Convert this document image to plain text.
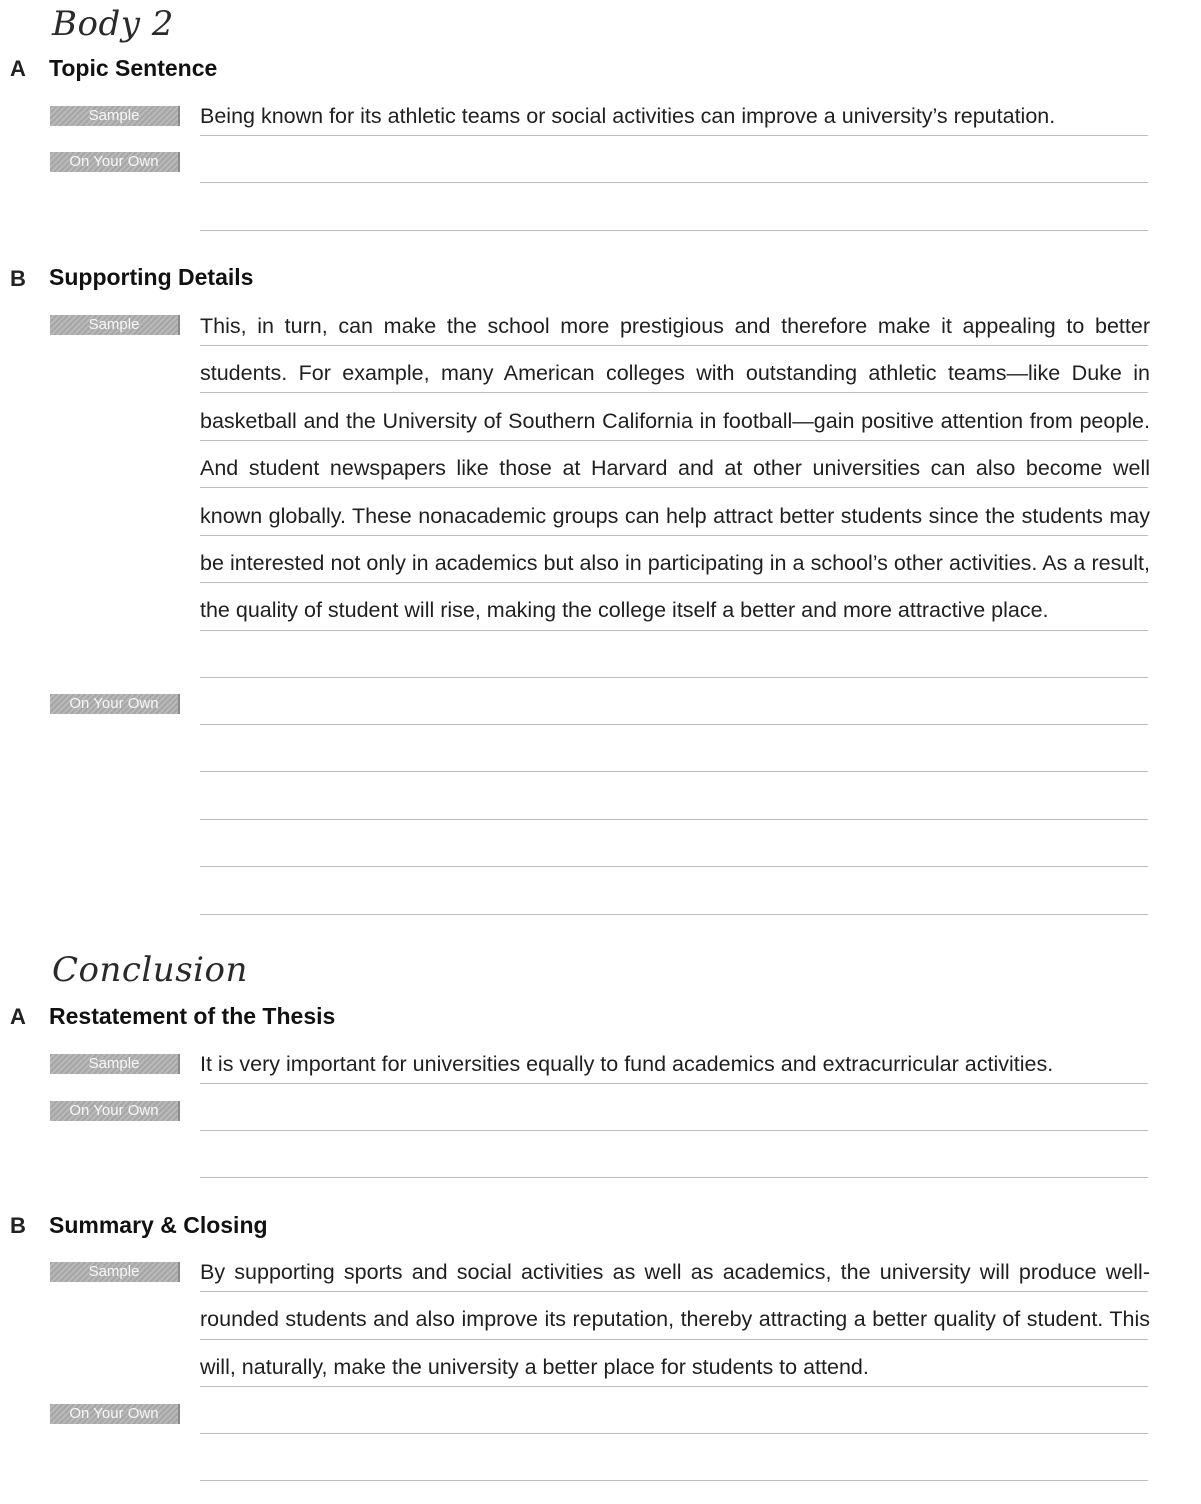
Body 2
A Topic Sentence
Sample	Being known for its athletic teams or social activities can improve a university’s reputation.
On Your Own
B Supporting Details
Sample	This, in turn, can make the school more prestigious and therefore make it appealing to better students. For example, many American colleges with outstanding athletic teams—like Duke in basketball and the University of Southern California in football—gain positive attention from people. And student newspapers like those at Harvard and at other universities can also become well known globally. These nonacademic groups can help attract better students since the students may be interested not only in academics but also in participating in a school’s other activities. As a result, the quality of student will rise, making the college itself a better and more attractive place.
On Your Own
Conclusion
A Restatement of the Thesis
Sample	It is very important for universities equally to fund academics and extracurricular activities.
On Your Own
B Summary & Closing
Sample	By supporting sports and social activities as well as academics, the university will produce well-rounded students and also improve its reputation, thereby attracting a better quality of student. This will, naturally, make the university a better place for students to attend.
On Your Own
